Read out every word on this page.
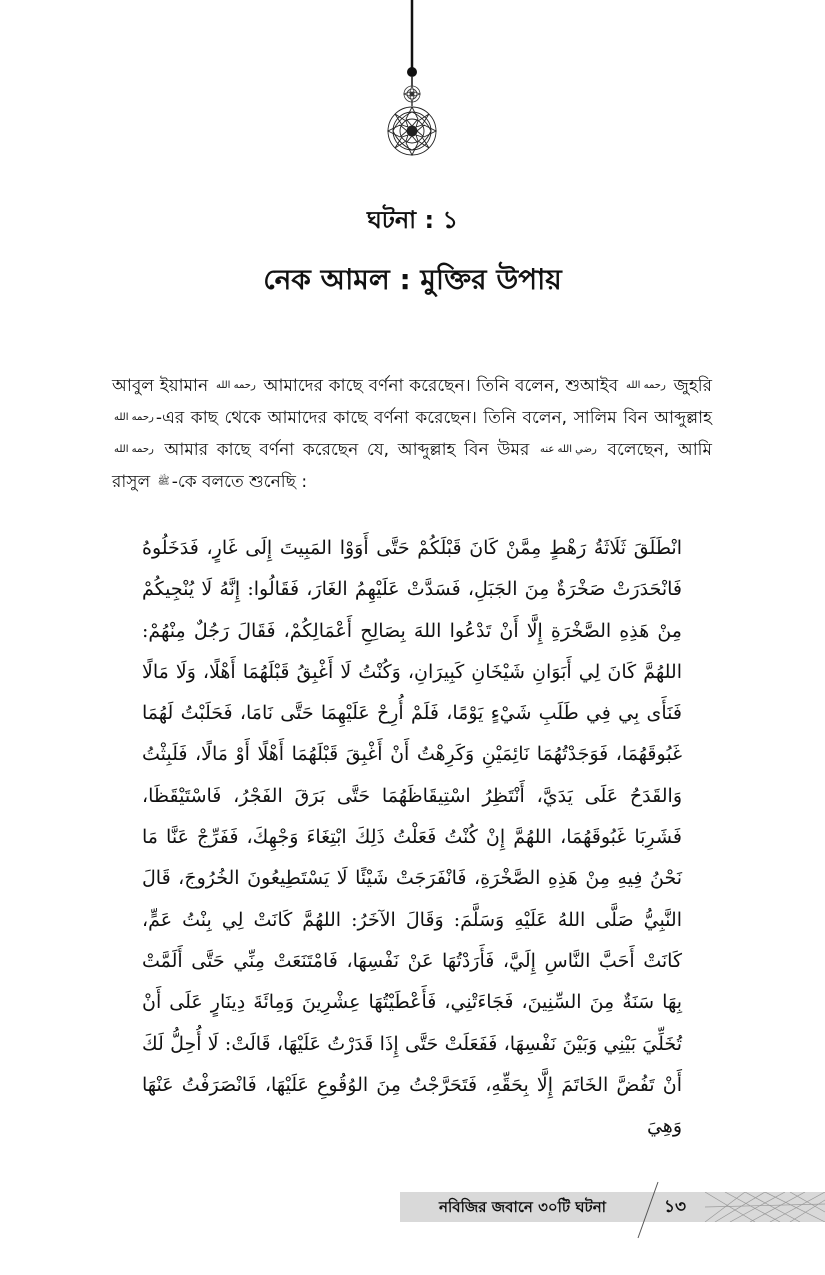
ঘটনা : ১
নেক আমল : মুক্তির উপায়

আবুল ইয়ামান رحمه الله আমাদের কাছে বর্ণনা করেছেন। তিনি বলেন, শুআইব رحمه الله জুহরি رحمه الله -এর কাছ থেকে আমাদের কাছে বর্ণনা করেছেন। তিনি বলেন, সালিম বিন আব্দুল্লাহ رحمه الله আমার কাছে বর্ণনা করেছেন যে, আব্দুল্লাহ বিন উমর رضي الله عنه বলেছেন, আমি রাসুল ﷺ -কে বলতে শুনেছি :

انْطَلَقَ ثَلَاثَةُ رَهْطٍ مِمَّنْ كَانَ قَبْلَكُمْ حَتَّى أَوَوْا المَبِيتَ إِلَى غَارٍ، فَدَخَلُوهُ فَانْحَدَرَتْ صَخْرَةٌ مِنَ الجَبَلِ، فَسَدَّتْ عَلَيْهِمُ الغَارَ، فَقَالُوا: إِنَّهُ لَا يُنْجِيكُمْ مِنْ هَذِهِ الصَّخْرَةِ إِلَّا أَنْ تَدْعُوا اللهَ بِصَالِحِ أَعْمَالِكُمْ، فَقَالَ رَجُلٌ مِنْهُمْ: اللهُمَّ كَانَ لِي أَبَوَانِ شَيْخَانِ كَبِيرَانِ، وَكُنْتُ لَا أَغْبِقُ قَبْلَهُمَا أَهْلًا، وَلَا مَالًا فَنَأَى بِي فِي طَلَبِ شَيْءٍ يَوْمًا، فَلَمْ أُرِحْ عَلَيْهِمَا حَتَّى نَامَا، فَحَلَبْتُ لَهُمَا غَبُوقَهُمَا، فَوَجَدْتُهُمَا نَائِمَيْنِ وَكَرِهْتُ أَنْ أَغْبِقَ قَبْلَهُمَا أَهْلًا أَوْ مَالًا، فَلَبِثْتُ وَالقَدَحُ عَلَى يَدَيَّ، أَنْتَظِرُ اسْتِيقَاظَهُمَا حَتَّى بَرَقَ الفَجْرُ، فَاسْتَيْقَظَا، فَشَرِبَا غَبُوقَهُمَا، اللهُمَّ إِنْ كُنْتُ فَعَلْتُ ذَلِكَ ابْتِغَاءَ وَجْهِكَ، فَفَرِّجْ عَنَّا مَا نَحْنُ فِيهِ مِنْ هَذِهِ الصَّخْرَةِ، فَانْفَرَجَتْ شَيْئًا لَا يَسْتَطِيعُونَ الخُرُوجَ، قَالَ النَّبِيُّ صَلَّى اللهُ عَلَيْهِ وَسَلَّمَ: وَقَالَ الآخَرُ: اللهُمَّ كَانَتْ لِي بِنْتُ عَمٍّ، كَانَتْ أَحَبَّ النَّاسِ إِلَيَّ، فَأَرَدْتُهَا عَنْ نَفْسِهَا، فَامْتَنَعَتْ مِنِّي حَتَّى أَلَمَّتْ بِهَا سَنَةٌ مِنَ السِّنِينَ، فَجَاءَتْنِي، فَأَعْطَيْتُهَا عِشْرِينَ وَمِائَةَ دِينَارٍ عَلَى أَنْ تُخَلِّيَ بَيْنِي وَبَيْنَ نَفْسِهَا، فَفَعَلَتْ حَتَّى إِذَا قَدَرْتُ عَلَيْهَا، قَالَتْ: لَا أُحِلُّ لَكَ أَنْ تَفُضَّ الخَاتَمَ إِلَّا بِحَقِّهِ، فَتَحَرَّجْتُ مِنَ الوُقُوعِ عَلَيْهَا، فَانْصَرَفْتُ عَنْهَا وَهِيَ

নবিজির জবানে ৩০টি ঘটনা	১৩
